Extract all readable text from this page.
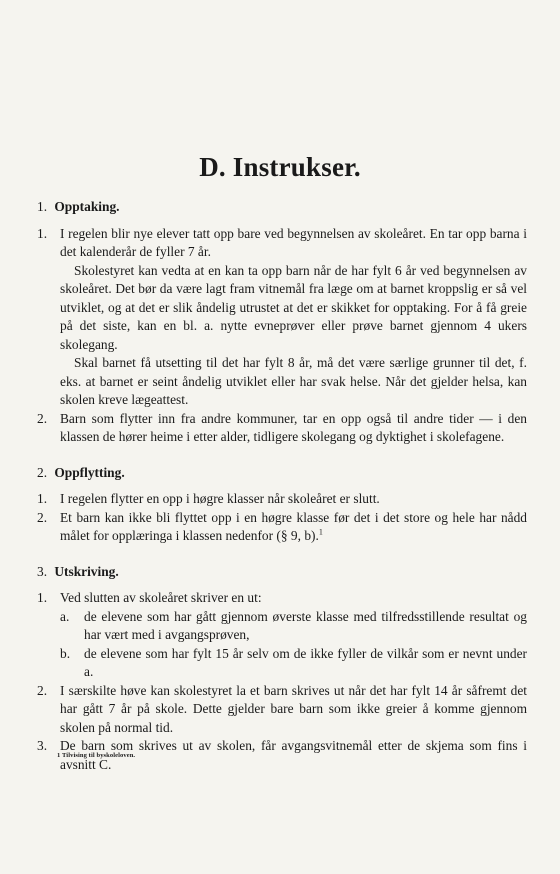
D. Instrukser.

1. Opptaking.

1. I regelen blir nye elever tatt opp bare ved begynnelsen av skoleåret. En tar opp barna i det kalenderår de fyller 7 år.

Skolestyret kan vedta at en kan ta opp barn når de har fylt 6 år ved begynnelsen av skoleåret. Det bør da være lagt fram vitnemål fra læge om at barnet kroppslig er så vel utviklet, og at det er slik åndelig utrustet at det er skikket for opptaking. For å få greie på det siste, kan en bl. a. nytte evneprøver eller prøve barnet gjennom 4 ukers skolegang.

Skal barnet få utsetting til det har fylt 8 år, må det være særlige grunner til det, f. eks. at barnet er seint åndelig utviklet eller har svak helse. Når det gjelder helsa, kan skolen kreve lægeattest.

2. Barn som flytter inn fra andre kommuner, tar en opp også til andre tider — i den klassen de hører heime i etter alder, tidligere skolegang og dyktighet i skolefagene.

2. Oppflytting.

1. I regelen flytter en opp i høgre klasser når skoleåret er slutt.

2. Et barn kan ikke bli flyttet opp i en høgre klasse før det i det store og hele har nådd målet for opplæringa i klassen nedenfor (§ 9, b).$^1$

3. Utskriving.

1. Ved slutten av skoleåret skriver en ut:

a. de elevene som har gått gjennom øverste klasse med tilfredsstillende resultat og har vært med i avgangsprøven,

b. de elevene som har fylt 15 år selv om de ikke fyller de vilkår som er nevnt under a.

2. I særskilte høve kan skolestyret la et barn skrives ut når det har fylt 14 år såfremt det har gått 7 år på skole. Dette gjelder bare barn som ikke greier å komme gjennom skolen på normal tid.

3. De barn som skrives ut av skolen, får avgangsvitnemål etter de skjema som fins i avsnitt C.

1 Tilvising til byskoleloven.
